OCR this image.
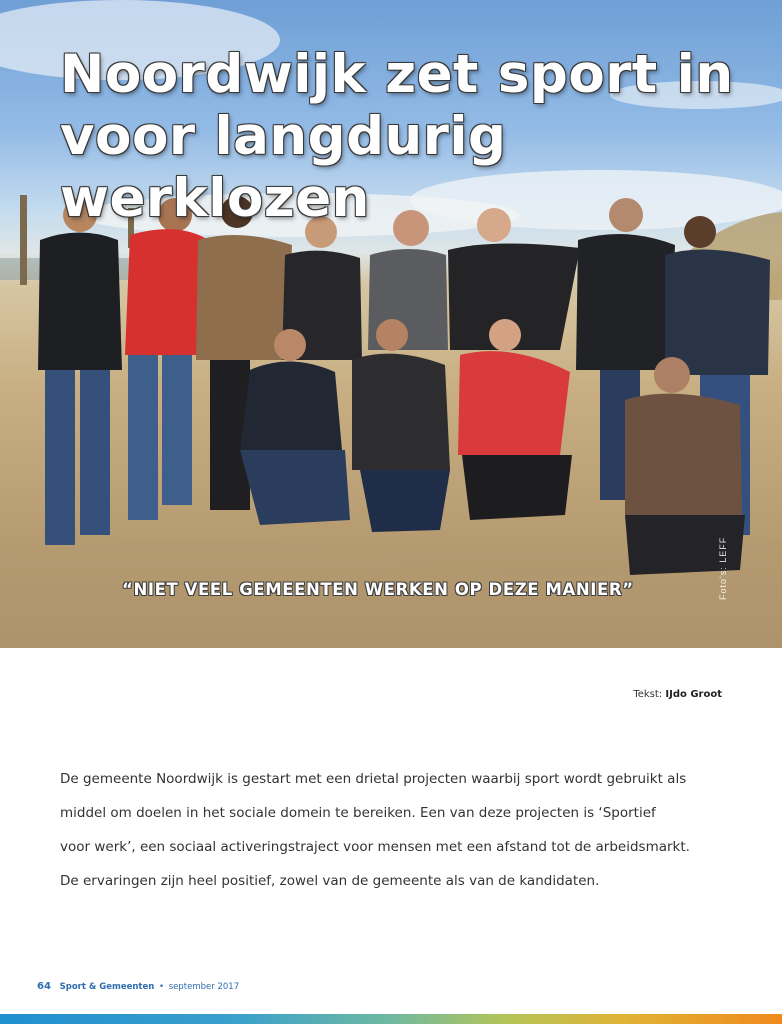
Noordwijk zet sport in
voor langdurig werklozen
“NIET VEEL GEMEENTEN WERKEN OP DEZE MANIER”	Foto's: LEFF
Tekst: IJdo Groot

De gemeente Noordwijk is gestart met een drietal projecten waarbij sport wordt gebruikt als

middel om doelen in het sociale domein te bereiken. Een van deze projecten is ‘Sportief

voor werk’, een sociaal activeringstraject voor mensen met een afstand tot de arbeidsmarkt.

De ervaringen zijn heel positief, zowel van de gemeente als van de kandidaten.

64 Sport & Gemeenten • september 2017
